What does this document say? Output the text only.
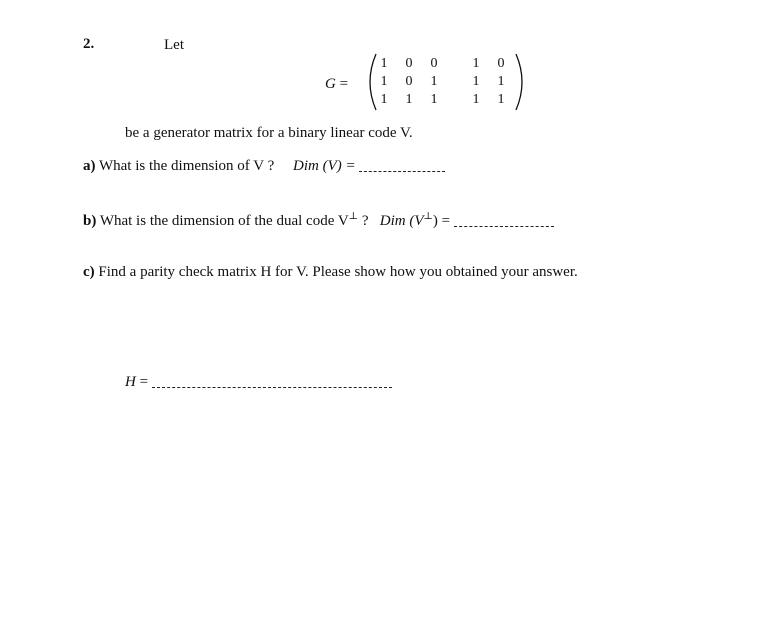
2.	Let
G =
1 0 0	1 0
1 0 1	1 1
1 1 1	1 1
be a generator matrix for a binary linear code V.
a) What is the dimension of V ? Dim (V) =
b) What is the dimension of the dual code V⊥ ? Dim (V⊥) =
c) Find a parity check matrix H for V. Please show how you obtained your answer.
H =
